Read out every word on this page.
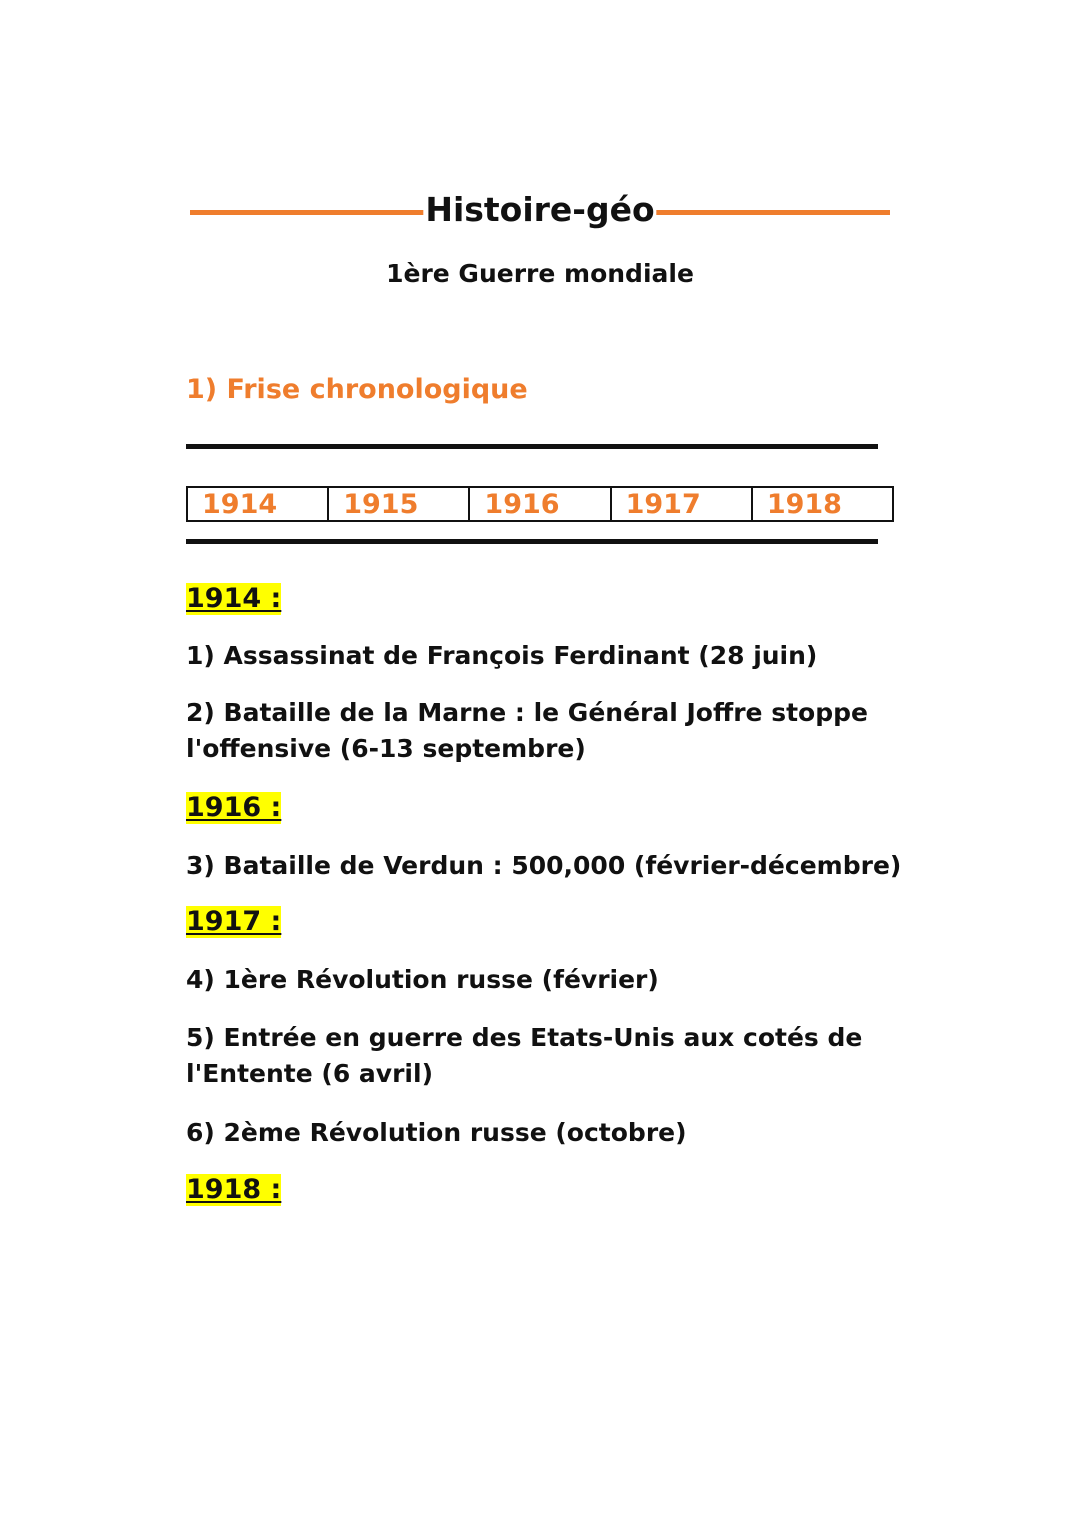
Histoire-géo
1ère Guerre mondiale
1) Frise chronologique
1914	1915	1916	1917	1918
1914 :
1) Assassinat de François Ferdinant (28 juin)
2) Bataille de la Marne : le Général Joffre stoppe l'offensive (6-13 septembre)
1916 :
3) Bataille de Verdun : 500,000 (février-décembre)
1917 :
4) 1ère Révolution russe (février)
5) Entrée en guerre des Etats-Unis aux cotés de l'Entente (6 avril)
6) 2ème Révolution russe (octobre)
1918 :
